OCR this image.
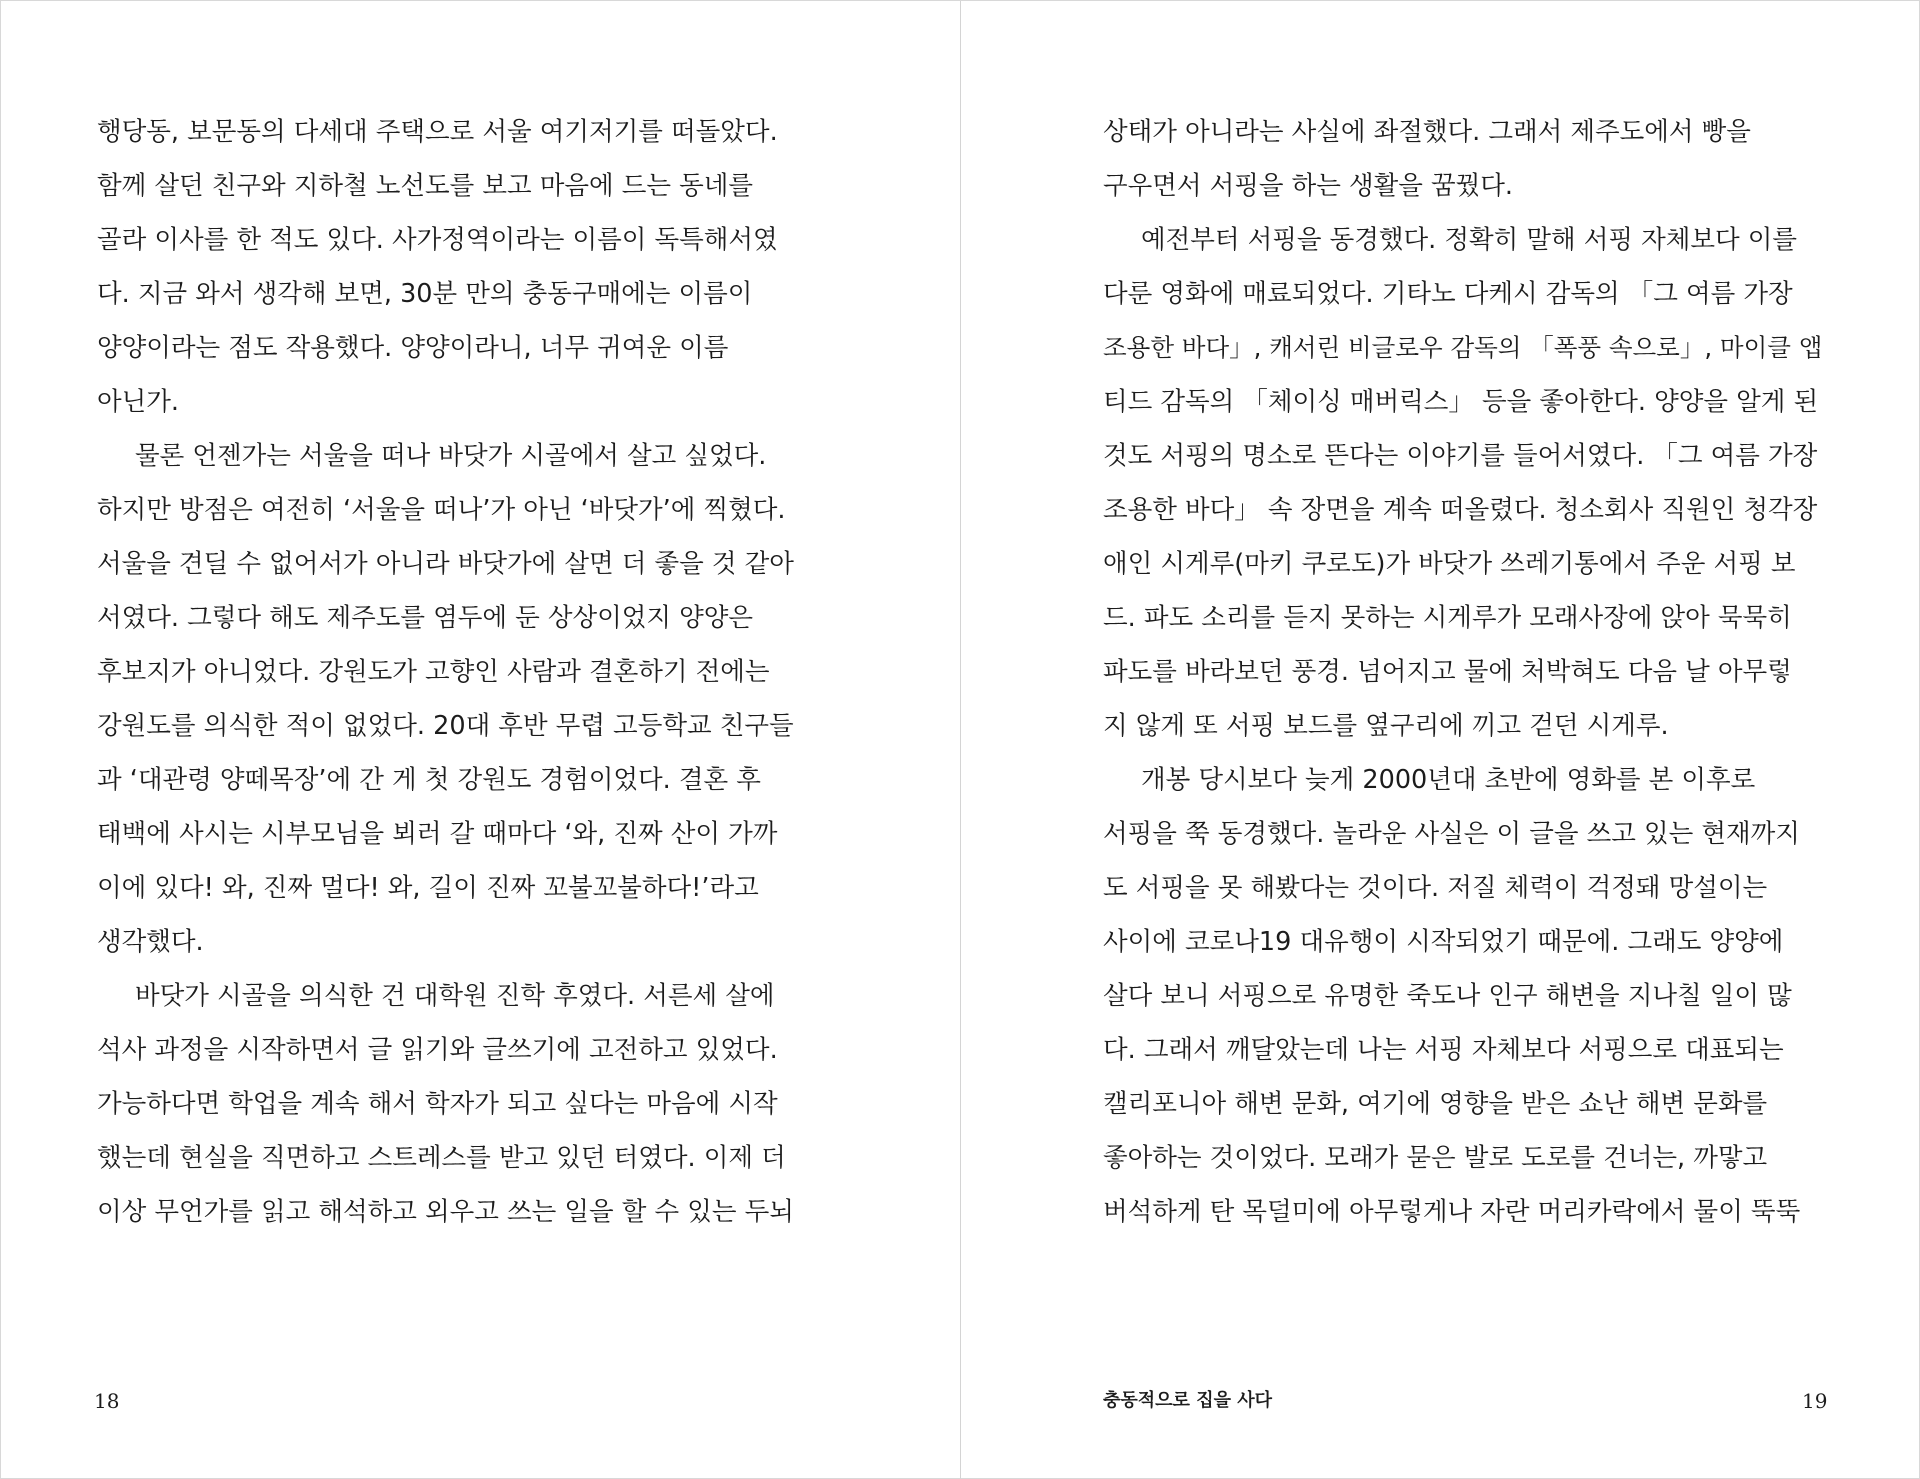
행당동, 보문동의 다세대 주택으로 서울 여기저기를 떠돌았다.
함께 살던 친구와 지하철 노선도를 보고 마음에 드는 동네를
골라 이사를 한 적도 있다. 사가정역이라는 이름이 독특해서였
다. 지금 와서 생각해 보면, 30분 만의 충동구매에는 이름이
양양이라는 점도 작용했다. 양양이라니, 너무 귀여운 이름
아닌가.
물론 언젠가는 서울을 떠나 바닷가 시골에서 살고 싶었다.
하지만 방점은 여전히 ‘서울을 떠나’가 아닌 ‘바닷가’에 찍혔다.
서울을 견딜 수 없어서가 아니라 바닷가에 살면 더 좋을 것 같아
서였다. 그렇다 해도 제주도를 염두에 둔 상상이었지 양양은
후보지가 아니었다. 강원도가 고향인 사람과 결혼하기 전에는
강원도를 의식한 적이 없었다. 20대 후반 무렵 고등학교 친구들
과 ‘대관령 양떼목장’에 간 게 첫 강원도 경험이었다. 결혼 후
태백에 사시는 시부모님을 뵈러 갈 때마다 ‘와, 진짜 산이 가까
이에 있다! 와, 진짜 멀다! 와, 길이 진짜 꼬불꼬불하다!’라고
생각했다.
바닷가 시골을 의식한 건 대학원 진학 후였다. 서른세 살에
석사 과정을 시작하면서 글 읽기와 글쓰기에 고전하고 있었다.
가능하다면 학업을 계속 해서 학자가 되고 싶다는 마음에 시작
했는데 현실을 직면하고 스트레스를 받고 있던 터였다. 이제 더
이상 무언가를 읽고 해석하고 외우고 쓰는 일을 할 수 있는 두뇌
18
상태가 아니라는 사실에 좌절했다. 그래서 제주도에서 빵을
구우면서 서핑을 하는 생활을 꿈꿨다.
예전부터 서핑을 동경했다. 정확히 말해 서핑 자체보다 이를
다룬 영화에 매료되었다. 기타노 다케시 감독의 「그 여름 가장
조용한 바다」, 캐서린 비글로우 감독의 「폭풍 속으로」, 마이클 앱
티드 감독의 「체이싱 매버릭스」 등을 좋아한다. 양양을 알게 된
것도 서핑의 명소로 뜬다는 이야기를 들어서였다. 「그 여름 가장
조용한 바다」 속 장면을 계속 떠올렸다. 청소회사 직원인 청각장
애인 시게루(마키 쿠로도)가 바닷가 쓰레기통에서 주운 서핑 보
드. 파도 소리를 듣지 못하는 시게루가 모래사장에 앉아 묵묵히
파도를 바라보던 풍경. 넘어지고 물에 처박혀도 다음 날 아무렇
지 않게 또 서핑 보드를 옆구리에 끼고 걷던 시게루.
개봉 당시보다 늦게 2000년대 초반에 영화를 본 이후로
서핑을 쭉 동경했다. 놀라운 사실은 이 글을 쓰고 있는 현재까지
도 서핑을 못 해봤다는 것이다. 저질 체력이 걱정돼 망설이는
사이에 코로나19 대유행이 시작되었기 때문에. 그래도 양양에
살다 보니 서핑으로 유명한 죽도나 인구 해변을 지나칠 일이 많
다. 그래서 깨달았는데 나는 서핑 자체보다 서핑으로 대표되는
캘리포니아 해변 문화, 여기에 영향을 받은 쇼난 해변 문화를
좋아하는 것이었다. 모래가 묻은 발로 도로를 건너는, 까맣고
버석하게 탄 목덜미에 아무렇게나 자란 머리카락에서 물이 뚝뚝
충동적으로 집을 사다	19
